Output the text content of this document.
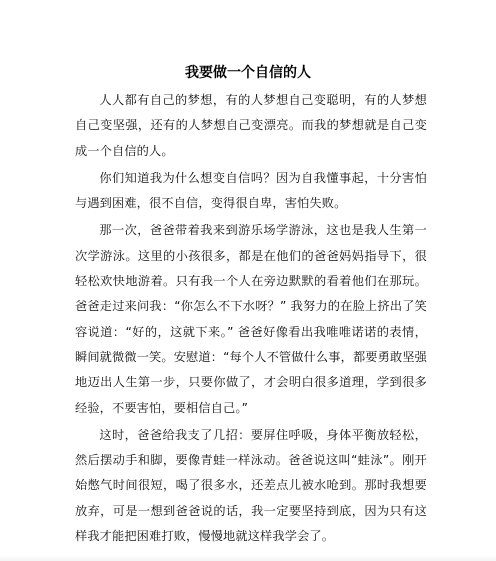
我要做一个自信的人

人人都有自己的梦想，有的人梦想自己变聪明，有的人梦想自己变坚强，还有的人梦想自己变漂亮。而我的梦想就是自己变成一个自信的人。

你们知道我为什么想变自信吗？因为自我懂事起，十分害怕与遇到困难，很不自信，变得很自卑，害怕失败。

那一次，爸爸带着我来到游乐场学游泳，这也是我人生第一次学游泳。这里的小孩很多，都是在他们的爸爸妈妈指导下，很轻松欢快地游着。只有我一个人在旁边默默的看着他们在那玩。爸爸走过来问我：“你怎么不下水呀？” 我努力的在脸上挤出了笑容说道：“好的，这就下来。” 爸爸好像看出我唯唯诺诺的表情，瞬间就微微一笑。安慰道：“每个人不管做什么事，都要勇敢坚强地迈出人生第一步，只要你做了，才会明白很多道理，学到很多经验，不要害怕，要相信自己。”

这时，爸爸给我支了几招：要屏住呼吸，身体平衡放轻松，然后摆动手和脚，要像青蛙一样泳动。爸爸说这叫“蛙泳”。刚开始憋气时间很短，喝了很多水，还差点儿被水呛到。那时我想要放弃，可是一想到爸爸说的话，我一定要坚持到底，因为只有这样我才能把困难打败，慢慢地就这样我学会了。
